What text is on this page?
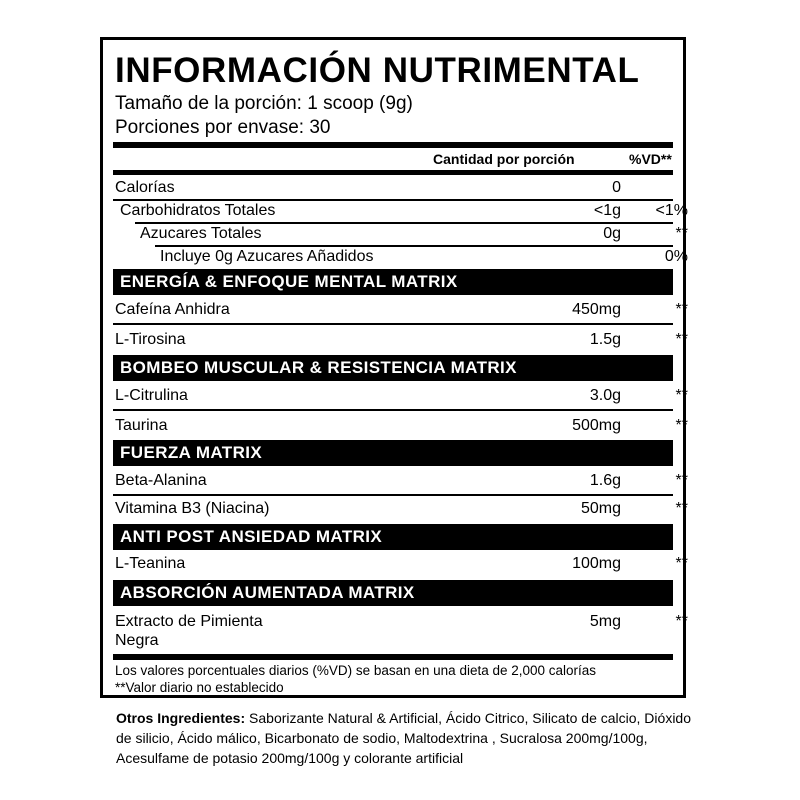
INFORMACIÓN NUTRIMENTAL
Tamaño de la porción: 1 scoop (9g)
Porciones por envase: 30
Cantidad por porción	%VD**
Calorías	0
Carbohidratos Totales	<1g	<1%
Azucares Totales	0g	**
Incluye 0g Azucares Añadidos	0%
ENERGÍA & ENFOQUE MENTAL MATRIX
Cafeína Anhidra	450mg	**
L-Tirosina	1.5g	**
BOMBEO MUSCULAR & RESISTENCIA MATRIX
L-Citrulina	3.0g	**
Taurina	500mg	**
FUERZA MATRIX
Beta-Alanina	1.6g	**
Vitamina B3 (Niacina)	50mg	**
ANTI POST ANSIEDAD MATRIX
L-Teanina	100mg	**
ABSORCIÓN AUMENTADA MATRIX
Extracto de Pimienta
Negra
5mg	**
Los valores porcentuales diarios (%VD) se basan en una dieta de 2,000 calorías
**Valor diario no establecido
Otros Ingredientes: Saborizante Natural & Artificial, Ácido Citrico, Silicato de calcio, Dióxido de silicio, Ácido málico, Bicarbonato de sodio, Maltodextrina , Sucralosa 200mg/100g, Acesulfame de potasio 200mg/100g y colorante artificial
